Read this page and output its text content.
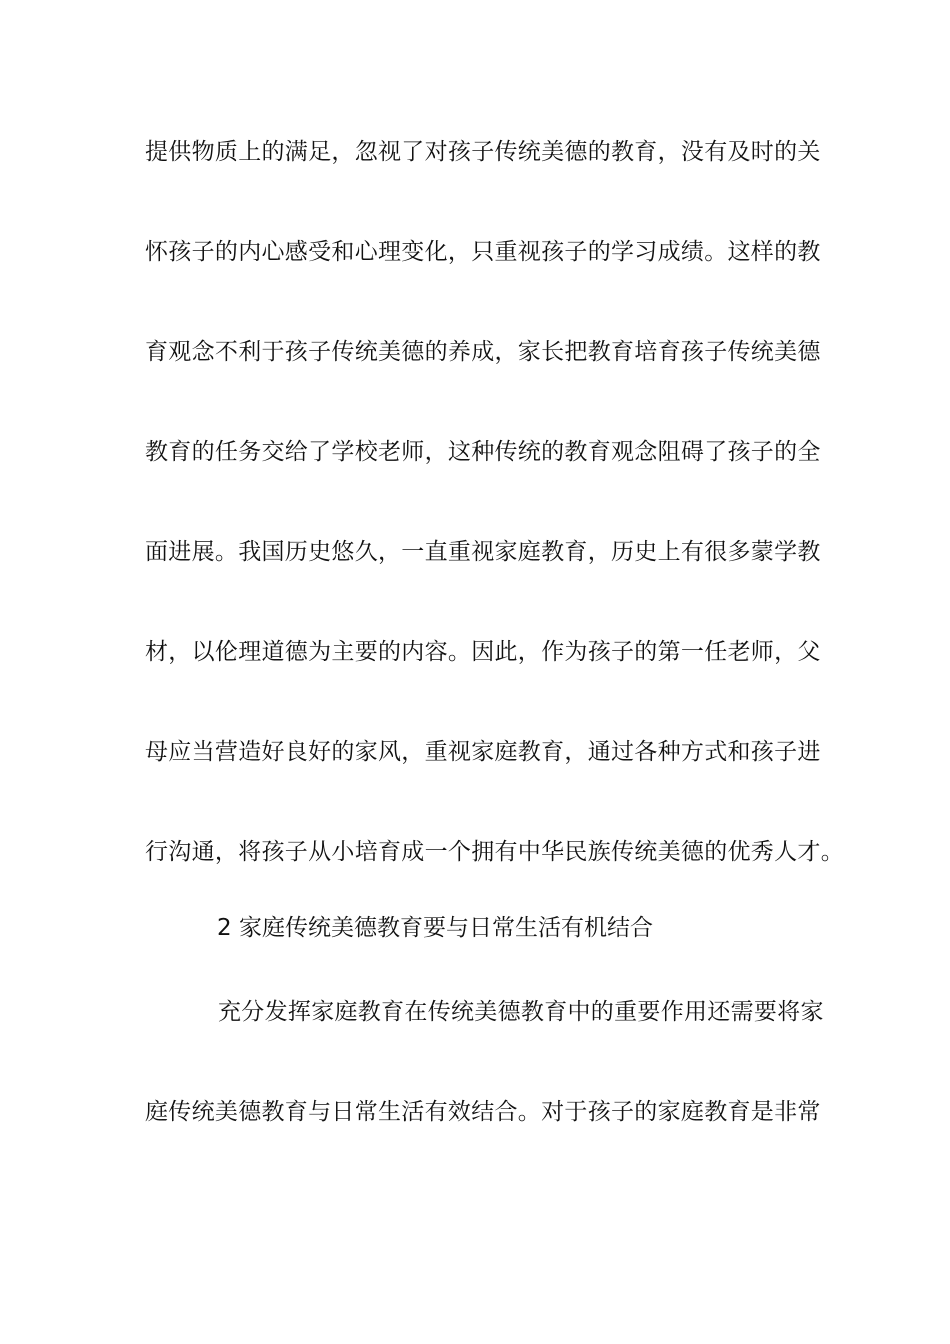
提供物质上的满足，忽视了对孩子传统美德的教育，没有及时的关
怀孩子的内心感受和心理变化，只重视孩子的学习成绩。这样的教
育观念不利于孩子传统美德的养成，家长把教育培育孩子传统美德
教育的任务交给了学校老师，这种传统的教育观念阻碍了孩子的全
面进展。我国历史悠久，一直重视家庭教育，历史上有很多蒙学教
材，以伦理道德为主要的内容。因此，作为孩子的第一任老师，父
母应当营造好良好的家风，重视家庭教育，通过各种方式和孩子进
行沟通，将孩子从小培育成一个拥有中华民族传统美德的优秀人才。
2 家庭传统美德教育要与日常生活有机结合
充分发挥家庭教育在传统美德教育中的重要作用还需要将家
庭传统美德教育与日常生活有效结合。对于孩子的家庭教育是非常
